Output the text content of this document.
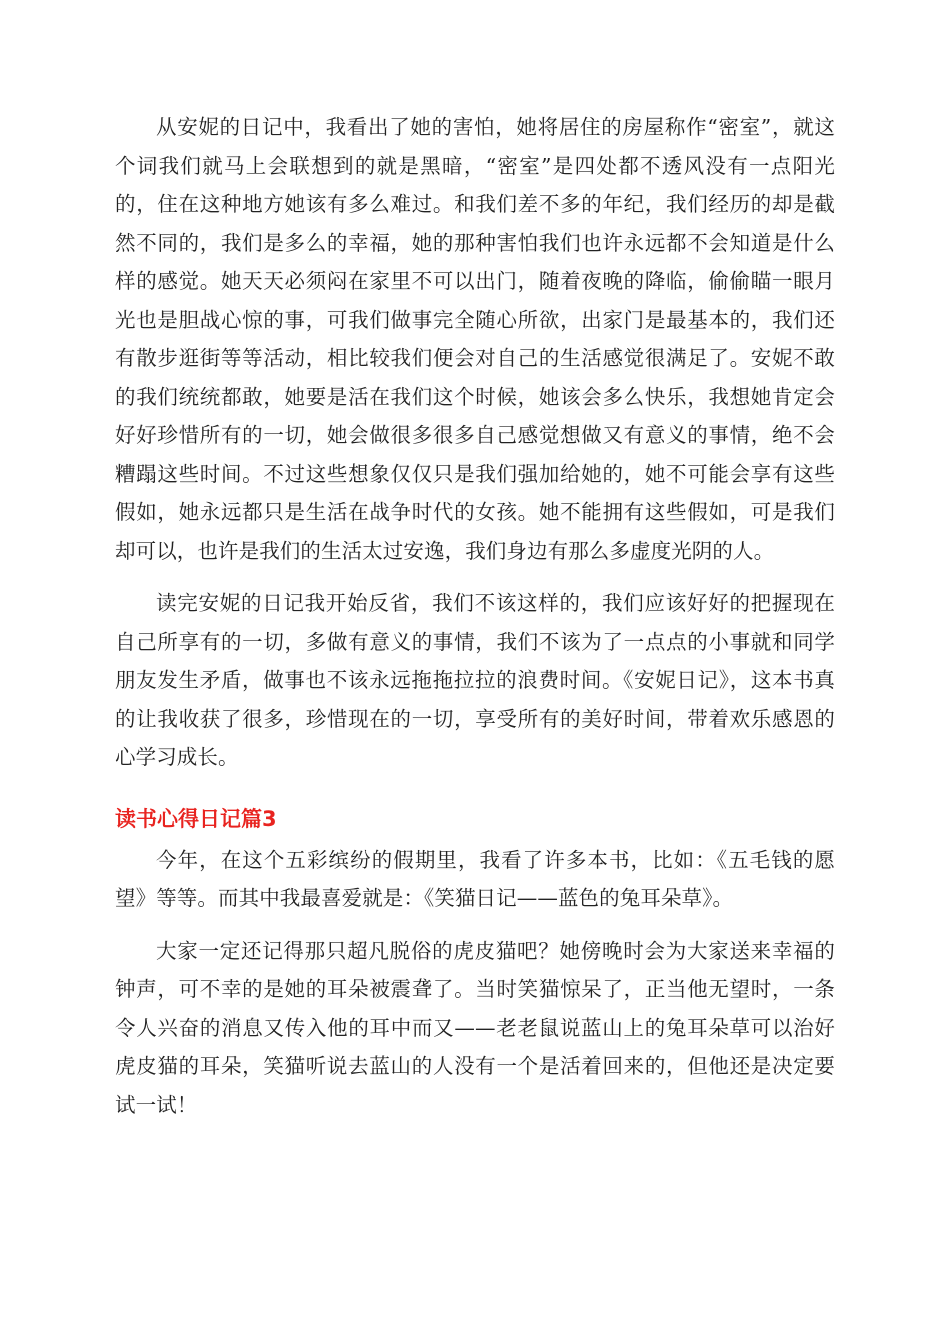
从安妮的日记中，我看出了她的害怕，她将居住的房屋称作“密室”，就这个词我们就马上会联想到的就是黑暗，“密室”是四处都不透风没有一点阳光的，住在这种地方她该有多么难过。和我们差不多的年纪，我们经历的却是截然不同的，我们是多么的幸福，她的那种害怕我们也许永远都不会知道是什么样的感觉。她天天必须闷在家里不可以出门，随着夜晚的降临，偷偷瞄一眼月光也是胆战心惊的事，可我们做事完全随心所欲，出家门是最基本的，我们还有散步逛街等等活动，相比较我们便会对自己的生活感觉很满足了。安妮不敢的我们统统都敢，她要是活在我们这个时候，她该会多么快乐，我想她肯定会好好珍惜所有的一切，她会做很多很多自己感觉想做又有意义的事情，绝不会糟蹋这些时间。不过这些想象仅仅只是我们强加给她的，她不可能会享有这些假如，她永远都只是生活在战争时代的女孩。她不能拥有这些假如，可是我们却可以，也许是我们的生活太过安逸，我们身边有那么多虚度光阴的人。

读完安妮的日记我开始反省，我们不该这样的，我们应该好好的把握现在自己所享有的一切，多做有意义的事情，我们不该为了一点点的小事就和同学朋友发生矛盾，做事也不该永远拖拖拉拉的浪费时间。《安妮日记》，这本书真的让我收获了很多，珍惜现在的一切，享受所有的美好时间，带着欢乐感恩的心学习成长。

读书心得日记篇3

今年，在这个五彩缤纷的假期里，我看了许多本书，比如：《五毛钱的愿望》等等。而其中我最喜爱就是：《笑猫日记——蓝色的兔耳朵草》。

大家一定还记得那只超凡脱俗的虎皮猫吧？她傍晚时会为大家送来幸福的钟声，可不幸的是她的耳朵被震聋了。当时笑猫惊呆了，正当他无望时，一条令人兴奋的消息又传入他的耳中而又——老老鼠说蓝山上的兔耳朵草可以治好虎皮猫的耳朵，笑猫听说去蓝山的人没有一个是活着回来的，但他还是决定要试一试！
